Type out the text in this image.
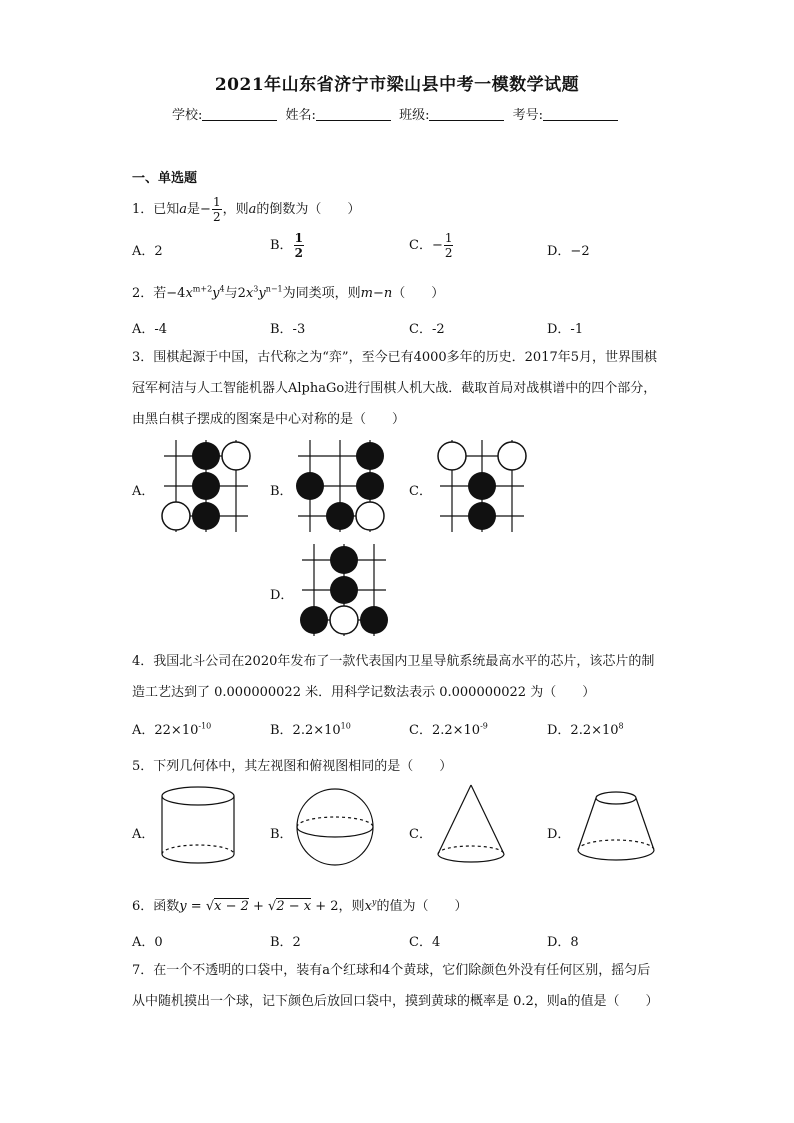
2021年山东省济宁市梁山县中考一模数学试题
学校:	姓名:	班级:	考号:
一、单选题
1．已知a是− $\frac{1}{2}$ ，则a的倒数为（　　）
A．2	B． $\frac{1}{2}$	C．− $\frac{1}{2}$	D．−2
2．若$-4x^{m+2}y^4$与$2x^3y^{n-1}$为同类项，则m−n（　　）
A．-4	B．-3	C．-2	D．-1
3．围棋起源于中国，古代称之为“弈”，至今已有4000多年的历史．2017年5月，世界围棋冠军柯洁与人工智能机器人AlphaGo进行围棋人机大战．截取首局对战棋谱中的四个部分，由黑白棋子摆成的图案是中心对称的是（　　）
A．	B．	C．
D．
4．我国北斗公司在2020年发布了一款代表国内卫星导航系统最高水平的芯片，该芯片的制造工艺达到了 0.000000022 米．用科学记数法表示 0.000000022 为（　　）
A．$22\times 10^{-10}$	B．$2.2\times 10^{10}$	C．$2.2\times 10^{-9}$	D．$2.2\times 10^8$
5．下列几何体中，其左视图和俯视图相同的是（　　）
A．	B．	C．	D．
6．函数y = √x − 2 + √2 − x + 2，则$x^y$的值为（　　）
A．0	B．2	C．4	D．8
7．在一个不透明的口袋中，装有a个红球和4个黄球，它们除颜色外没有任何区别，摇匀后从中随机摸出一个球，记下颜色后放回口袋中，摸到黄球的概率是 0.2，则a的值是（　　）
